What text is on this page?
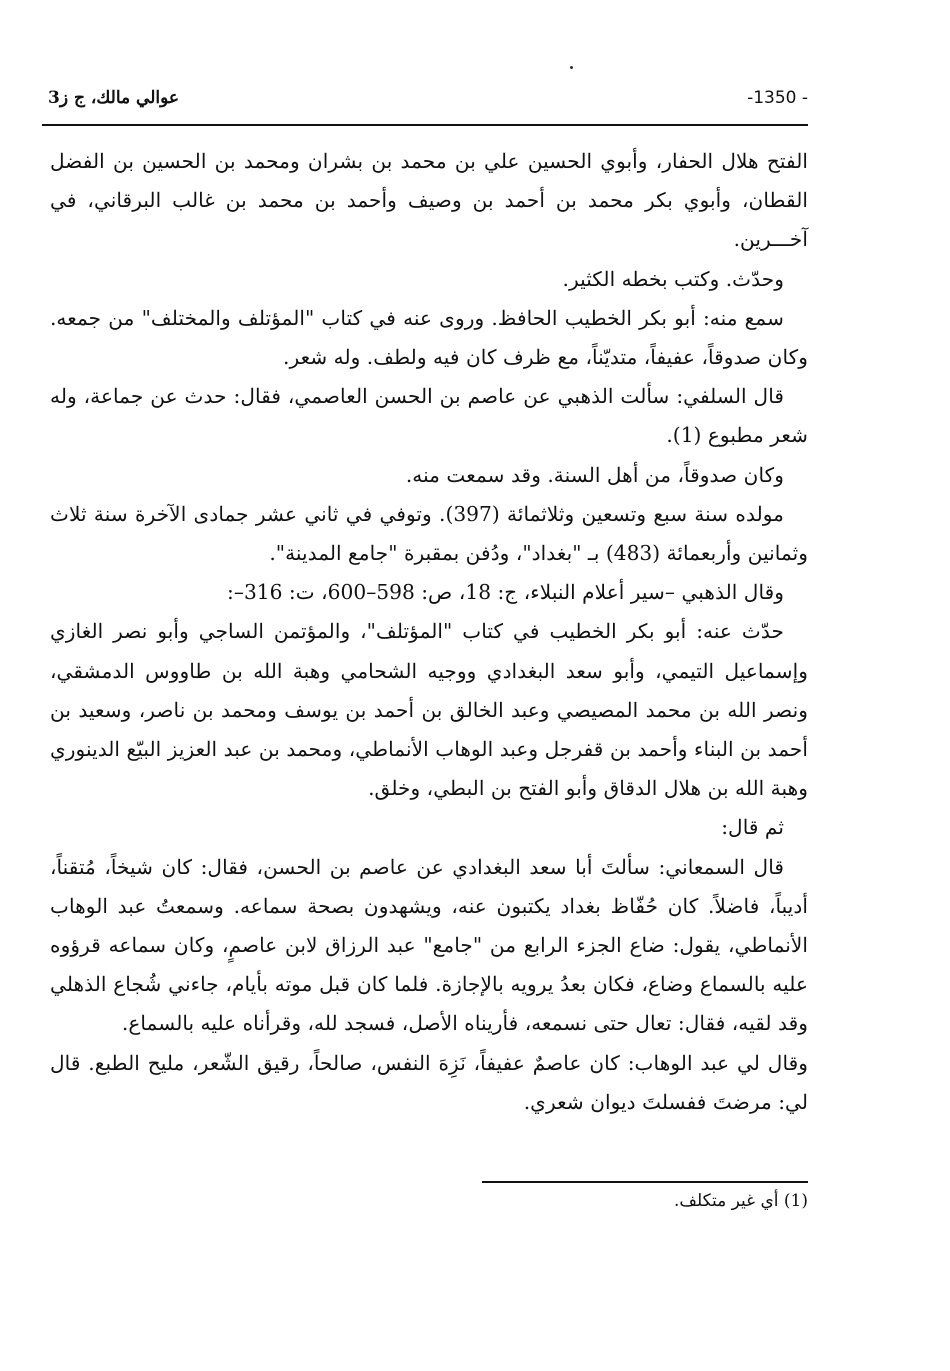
عوالي مالك، ج ز3	-1350 -

الفتح هلال الحفار، وأبوي الحسين علي بن محمد بن بشران ومحمد بن الحسين بن الفضل القطان، وأبوي بكر محمد بن أحمد بن وصيف وأحمد بن محمد بن غالب البرقاني، في آخـــرين.

وحدّث. وكتب بخطه الكثير.

سمع منه: أبو بكر الخطيب الحافظ. وروى عنه في كتاب "المؤتلف والمختلف" من جمعه. وكان صدوقاً، عفيفاً، متديّناً، مع ظرف كان فيه ولطف. وله شعر.

قال السلفي: سألت الذهبي عن عاصم بن الحسن العاصمي، فقال: حدث عن جماعة، وله شعر مطبوع (1).

وكان صدوقاً، من أهل السنة. وقد سمعت منه.

مولده سنة سبع وتسعين وثلاثمائة (397). وتوفي في ثاني عشر جمادى الآخرة سنة ثلاث وثمانين وأربعمائة (483) بـ "بغداد"، ودُفن بمقبرة "جامع المدينة".

وقال الذهبي –سير أعلام النبلاء، ج: 18، ص: 598–600، ت: 316–:

حدّث عنه: أبو بكر الخطيب في كتاب "المؤتلف"، والمؤتمن الساجي وأبو نصر الغازي وإسماعيل التيمي، وأبو سعد البغدادي ووجيه الشحامي وهبة الله بن طاووس الدمشقي، ونصر الله بن محمد المصيصي وعبد الخالق بن أحمد بن يوسف ومحمد بن ناصر، وسعيد بن أحمد بن البناء وأحمد بن قفرجل وعبد الوهاب الأنماطي، ومحمد بن عبد العزيز البيّع الدينوري وهبة الله بن هلال الدقاق وأبو الفتح بن البطي، وخلق.

ثم قال:

قال السمعاني: سألتَ أبا سعد البغدادي عن عاصم بن الحسن، فقال: كان شيخاً، مُتقناً، أديباً، فاضلاً. كان حُفّاظ بغداد يكتبون عنه، ويشهدون بصحة سماعه. وسمعتُ عبد الوهاب الأنماطي، يقول: ضاع الجزء الرابع من "جامع" عبد الرزاق لابن عاصمٍ، وكان سماعه قرؤوه عليه بالسماع وضاع، فكان بعدُ يرويه بالإجازة. فلما كان قبل موته بأيام، جاءني شُجاع الذهلي وقد لقيه، فقال: تعال حتى نسمعه، فأريناه الأصل، فسجد لله، وقرأناه عليه بالسماع.

وقال لي عبد الوهاب: كان عاصمٌ عفيفاً، نَزِهَ النفس، صالحاً، رقيق الشّعر، مليح الطبع. قال لي: مرضتَ ففسلتَ ديوان شعري.

(1) أي غير متكلف.
